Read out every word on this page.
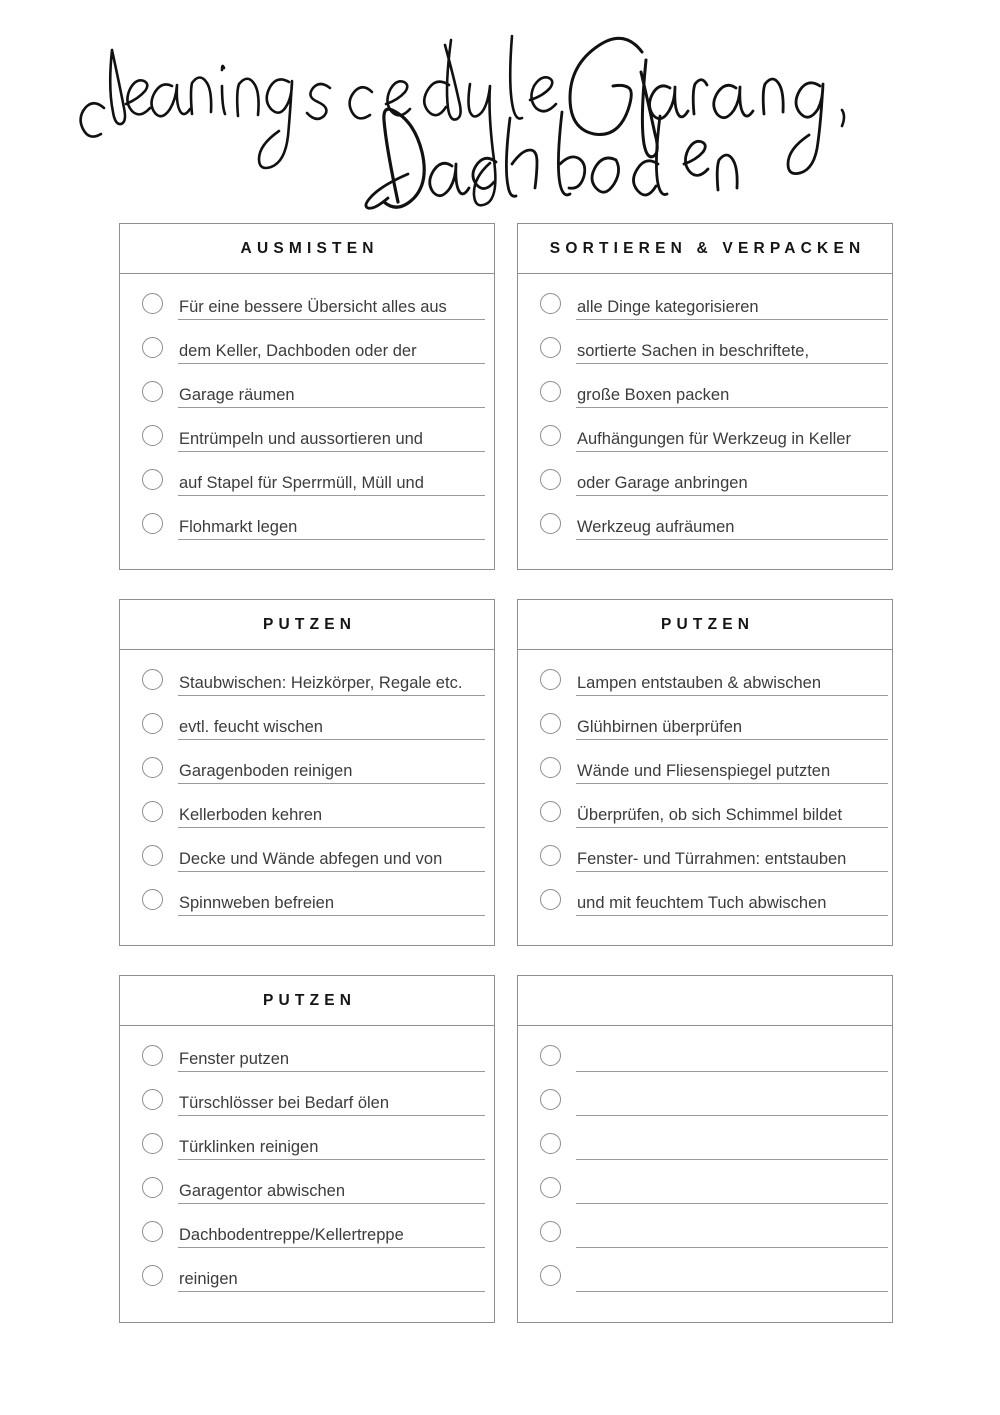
AUSMISTEN
Für eine bessere Übersicht alles aus
dem Keller, Dachboden oder der
Garage räumen
Entrümpeln und aussortieren und
auf Stapel für Sperrmüll, Müll und
Flohmarkt legen
SORTIEREN & VERPACKEN
alle Dinge kategorisieren
sortierte Sachen in beschriftete,
große Boxen packen
Aufhängungen für Werkzeug in Keller
oder Garage anbringen
Werkzeug aufräumen
PUTZEN
Staubwischen: Heizkörper, Regale etc.
evtl. feucht wischen
Garagenboden reinigen
Kellerboden kehren
Decke und Wände abfegen und von
Spinnweben befreien
PUTZEN
Lampen entstauben & abwischen
Glühbirnen überprüfen
Wände und Fliesenspiegel putzten
Überprüfen, ob sich Schimmel bildet
Fenster- und Türrahmen: entstauben
und mit feuchtem Tuch abwischen
PUTZEN
Fenster putzen
Türschlösser bei Bedarf ölen
Türklinken reinigen
Garagentor abwischen
Dachbodentreppe/Kellertreppe
reinigen
